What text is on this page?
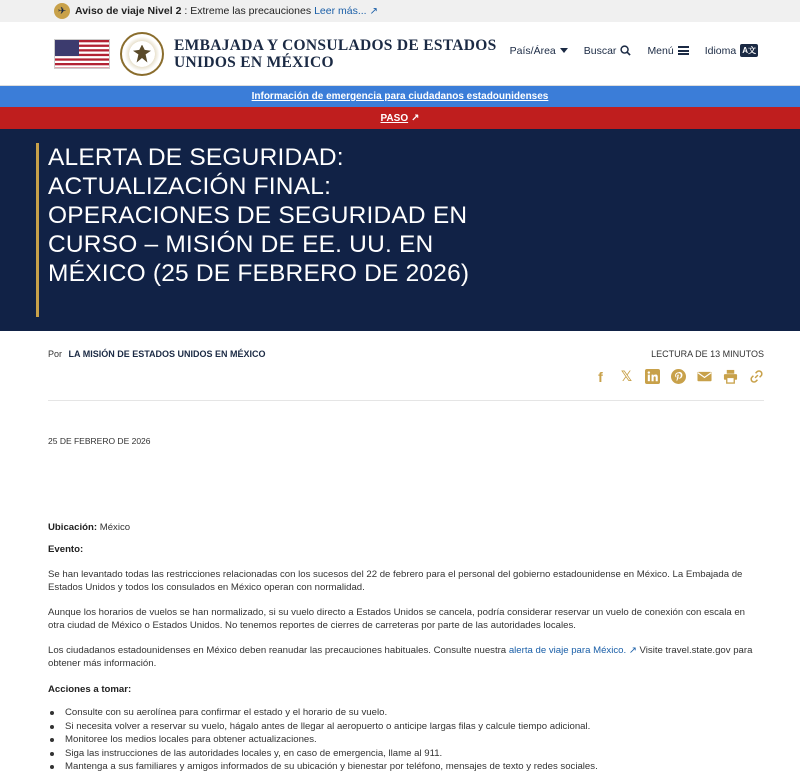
✈ Aviso de viaje Nivel 2 : Extreme las precauciones Leer más... ↗
EMBAJADA Y CONSULADOS DE ESTADOS
UNIDOS EN MÉXICO
País/Área	Buscar	Menú	Idioma A文
Información de emergencia para ciudadanos estadounidenses
PASO ↗
ALERTA DE SEGURIDAD: ACTUALIZACIÓN FINAL: OPERACIONES DE SEGURIDAD EN CURSO – MISIÓN DE EE. UU. EN MÉXICO (25 DE FEBRERO DE 2026)
Por LA MISIÓN DE ESTADOS UNIDOS EN MÉXICO	LECTURA DE 13 MINUTOS
f	𝕏
25 DE FEBRERO DE 2026
Ubicación: México
Evento:
Se han levantado todas las restricciones relacionadas con los sucesos del 22 de febrero para el personal del gobierno estadounidense en México. La Embajada de Estados Unidos y todos los consulados en México operan con normalidad.
Aunque los horarios de vuelos se han normalizado, si su vuelo directo a Estados Unidos se cancela, podría considerar reservar un vuelo de conexión con escala en otra ciudad de México o Estados Unidos. No tenemos reportes de cierres de carreteras por parte de las autoridades locales.
Los ciudadanos estadounidenses en México deben reanudar las precauciones habituales. Consulte nuestra alerta de viaje para México. ↗ Visite travel.state.gov para obtener más información.
Acciones a tomar:
Consulte con su aerolínea para confirmar el estado y el horario de su vuelo.
Si necesita volver a reservar su vuelo, hágalo antes de llegar al aeropuerto o anticipe largas filas y calcule tiempo adicional.
Monitoree los medios locales para obtener actualizaciones.
Siga las instrucciones de las autoridades locales y, en caso de emergencia, llame al 911.
Mantenga a sus familiares y amigos informados de su ubicación y bienestar por teléfono, mensajes de texto y redes sociales.
